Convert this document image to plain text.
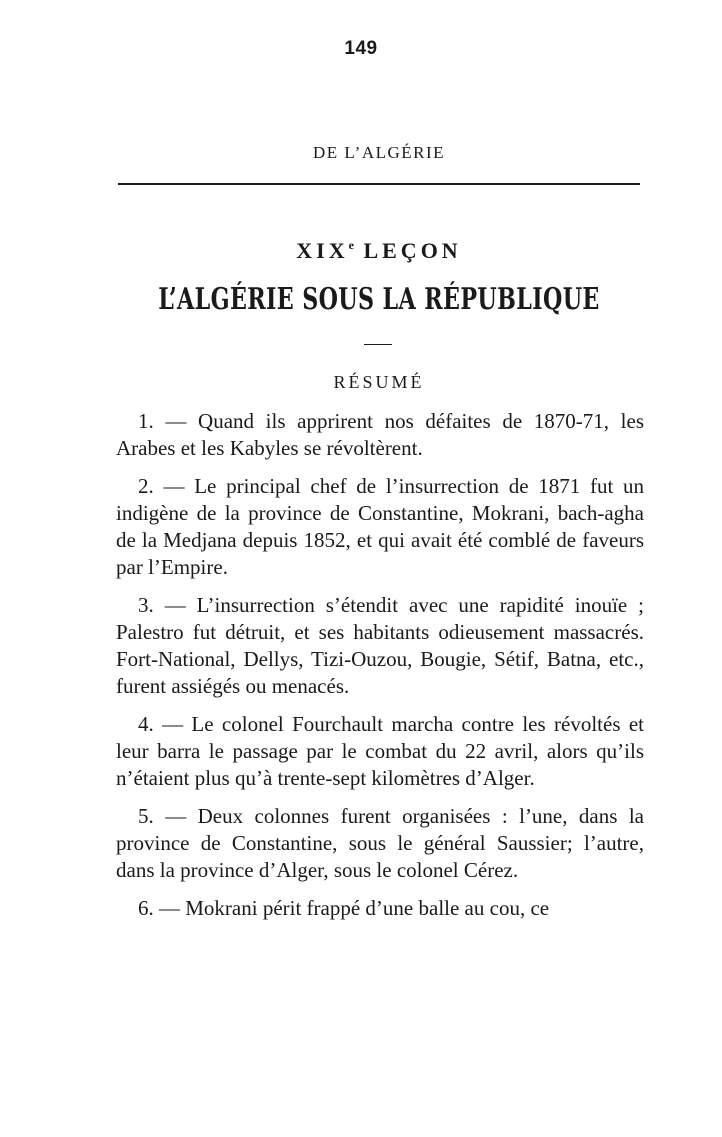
149
DE L’ALGÉRIE
XIXe LEÇON
L’ALGÉRIE SOUS LA RÉPUBLIQUE
RÉSUMÉ

1. — Quand ils apprirent nos défaites de 1870-71, les Arabes et les Kabyles se révoltèrent.

2. — Le principal chef de l’insurrection de 1871 fut un indigène de la province de Constantine, Mokrani, bach-agha de la Medjana depuis 1852, et qui avait été comblé de faveurs par l’Empire.

3. — L’insurrection s’étendit avec une rapidité inouïe ; Palestro fut détruit, et ses habitants odieusement massacrés. Fort-National, Dellys, Tizi-Ouzou, Bougie, Sétif, Batna, etc., furent assiégés ou menacés.

4. — Le colonel Fourchault marcha contre les révoltés et leur barra le passage par le combat du 22 avril, alors qu’ils n’étaient plus qu’à trente-sept kilomètres d’Alger.

5. — Deux colonnes furent organisées : l’une, dans la province de Constantine, sous le général Saussier; l’autre, dans la province d’Alger, sous le colonel Cérez.

6. — Mokrani périt frappé d’une balle au cou, ce
